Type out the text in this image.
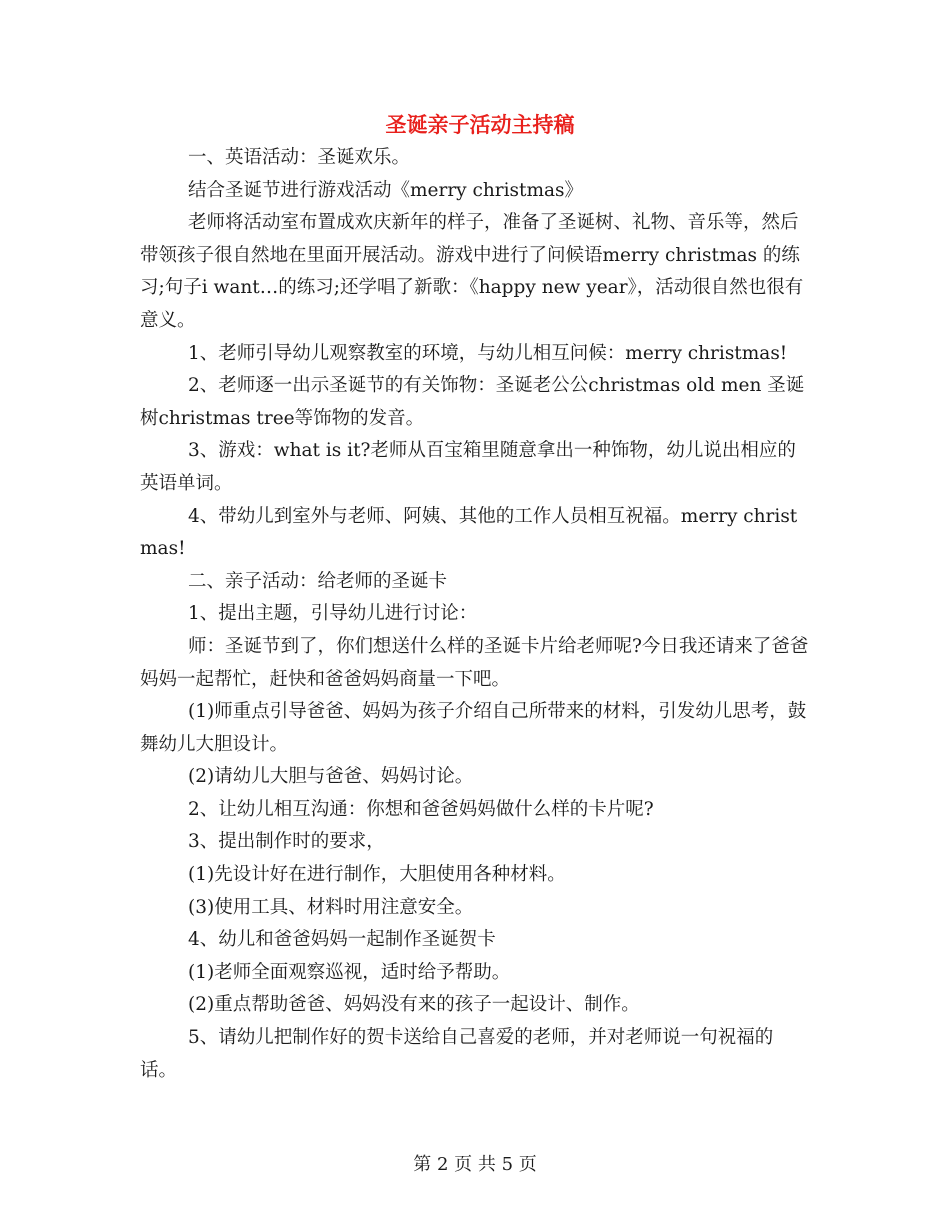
圣诞亲子活动主持稿

一、英语活动：圣诞欢乐。

结合圣诞节进行游戏活动《merry christmas》

老师将活动室布置成欢庆新年的样子，准备了圣诞树、礼物、音乐等，然后带领孩子很自然地在里面开展活动。游戏中进行了问候语merry christmas 的练习;句子i want…的练习;还学唱了新歌：《happy new year》，活动很自然也很有意义。

1、老师引导幼儿观察教室的环境，与幼儿相互问候：merry christmas!

2、老师逐一出示圣诞节的有关饰物：圣诞老公公christmas old men 圣诞树christmas tree等饰物的发音。

3、游戏：what is it?老师从百宝箱里随意拿出一种饰物，幼儿说出相应的英语单词。

4、带幼儿到室外与老师、阿姨、其他的工作人员相互祝福。merry christmas!

二、亲子活动：给老师的圣诞卡

1、提出主题，引导幼儿进行讨论：

师：圣诞节到了，你们想送什么样的圣诞卡片给老师呢?今日我还请来了爸爸妈妈一起帮忙，赶快和爸爸妈妈商量一下吧。

(1)师重点引导爸爸、妈妈为孩子介绍自己所带来的材料，引发幼儿思考，鼓舞幼儿大胆设计。

(2)请幼儿大胆与爸爸、妈妈讨论。

2、让幼儿相互沟通：你想和爸爸妈妈做什么样的卡片呢?

3、提出制作时的要求，

(1)先设计好在进行制作，大胆使用各种材料。

(3)使用工具、材料时用注意安全。

4、幼儿和爸爸妈妈一起制作圣诞贺卡

(1)老师全面观察巡视，适时给予帮助。

(2)重点帮助爸爸、妈妈没有来的孩子一起设计、制作。

5、请幼儿把制作好的贺卡送给自己喜爱的老师，并对老师说一句祝福的话。

第 2 页 共 5 页
